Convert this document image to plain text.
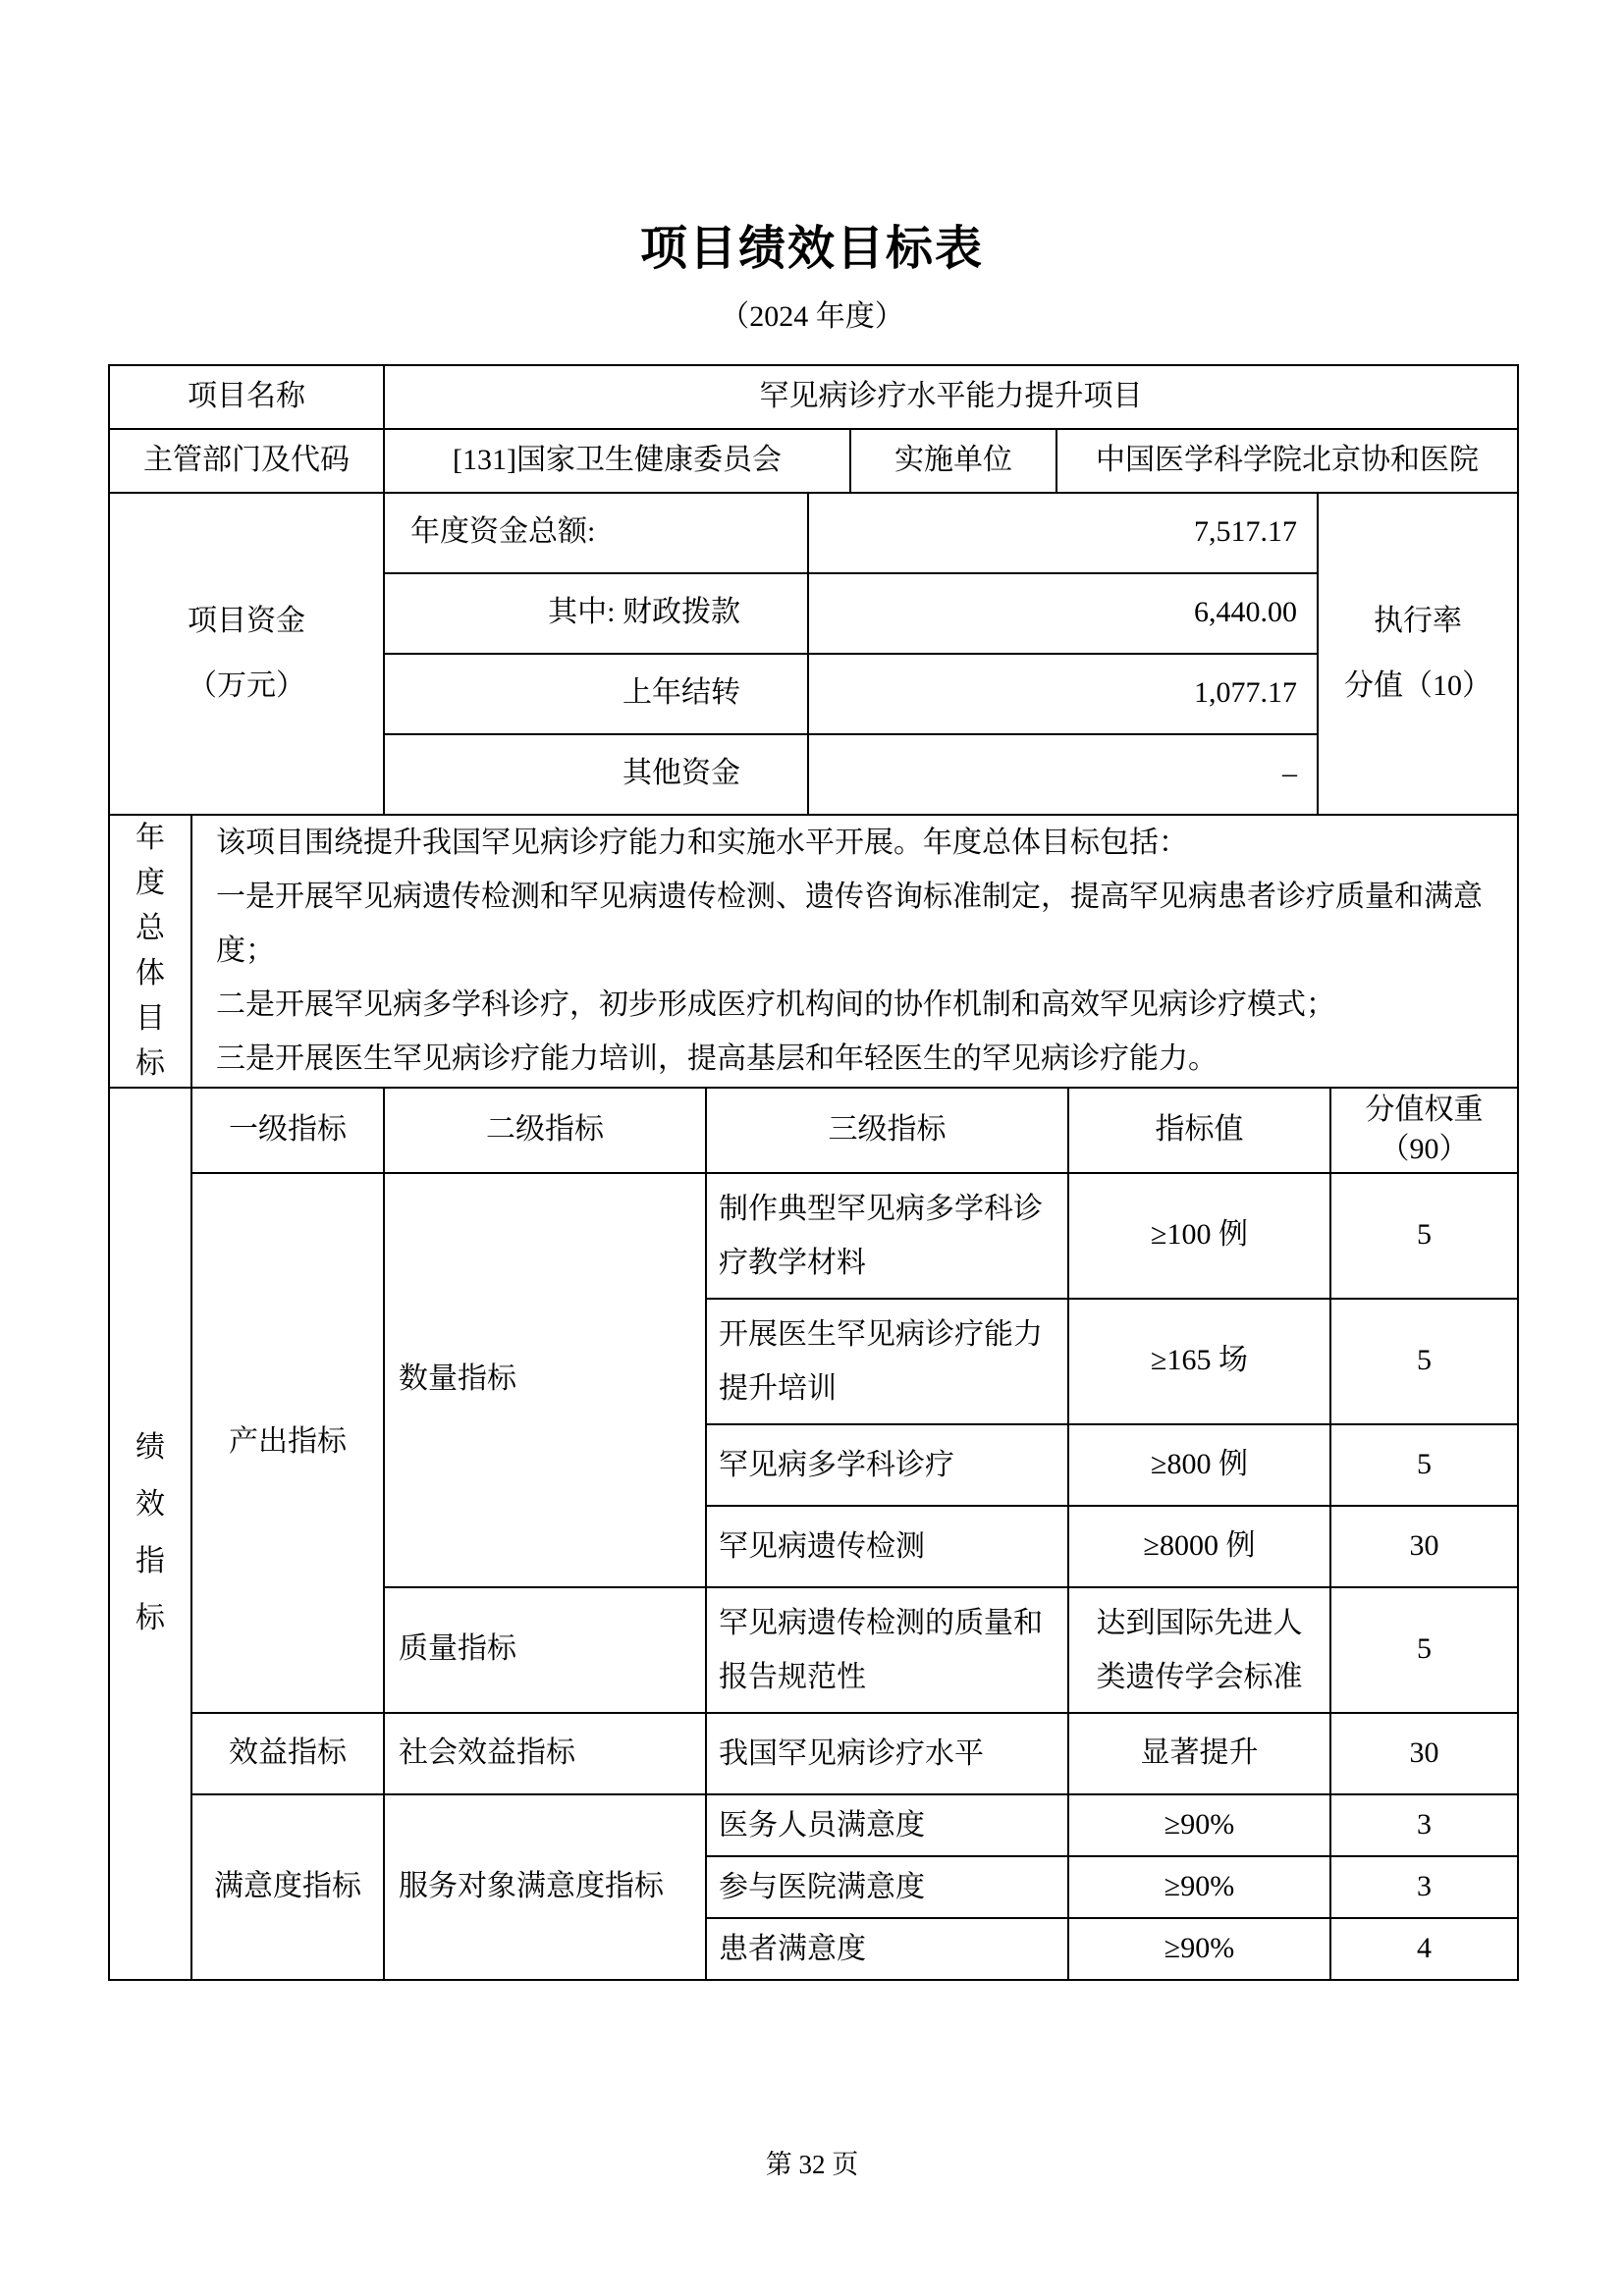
项目绩效目标表
（2024 年度）
项目名称	罕见病诊疗水平能力提升项目		
主管部门及代码	[131]国家卫生健康委员会	实施单位	中国医学科学院北京协和医院
项目资金
（万元）
	年度资金总额:	7,517.17	
执行率
分值（10）

	其中: 财政拨款	6,440.00	
	上年结转	1,077.17	
	其他资金	–	
年度总体目标

该项目围绕提升我国罕见病诊疗能力和实施水平开展。年度总体目标包括：

一是开展罕见病遗传检测和罕见病遗传检测、遗传咨询标准制定，提高罕见病患者诊疗质量和满意度；

二是开展罕见病多学科诊疗，初步形成医疗机构间的协作机制和高效罕见病诊疗模式；

三是开展医生罕见病诊疗能力培训，提高基层和年轻医生的罕见病诊疗能力。

绩效指标	一级指标	二级指标	三级指标	指标值	分值权重
（90）

	产出指标	数量指标	制作典型罕见病多学科诊疗教学材料	≥100 例	5
			开展医生罕见病诊疗能力提升培训	≥165 场	5
			罕见病多学科诊疗	≥800 例	5
			罕见病遗传检测	≥8000 例	30
		质量指标	罕见病遗传检测的质量和报告规范性	达到国际先进人类遗传学会标准	5
	效益指标	社会效益指标	我国罕见病诊疗水平	显著提升	30
	满意度指标	服务对象满意度指标	医务人员满意度	≥90%	3
			参与医院满意度	≥90%	3
			患者满意度	≥90%	4
第 32 页
